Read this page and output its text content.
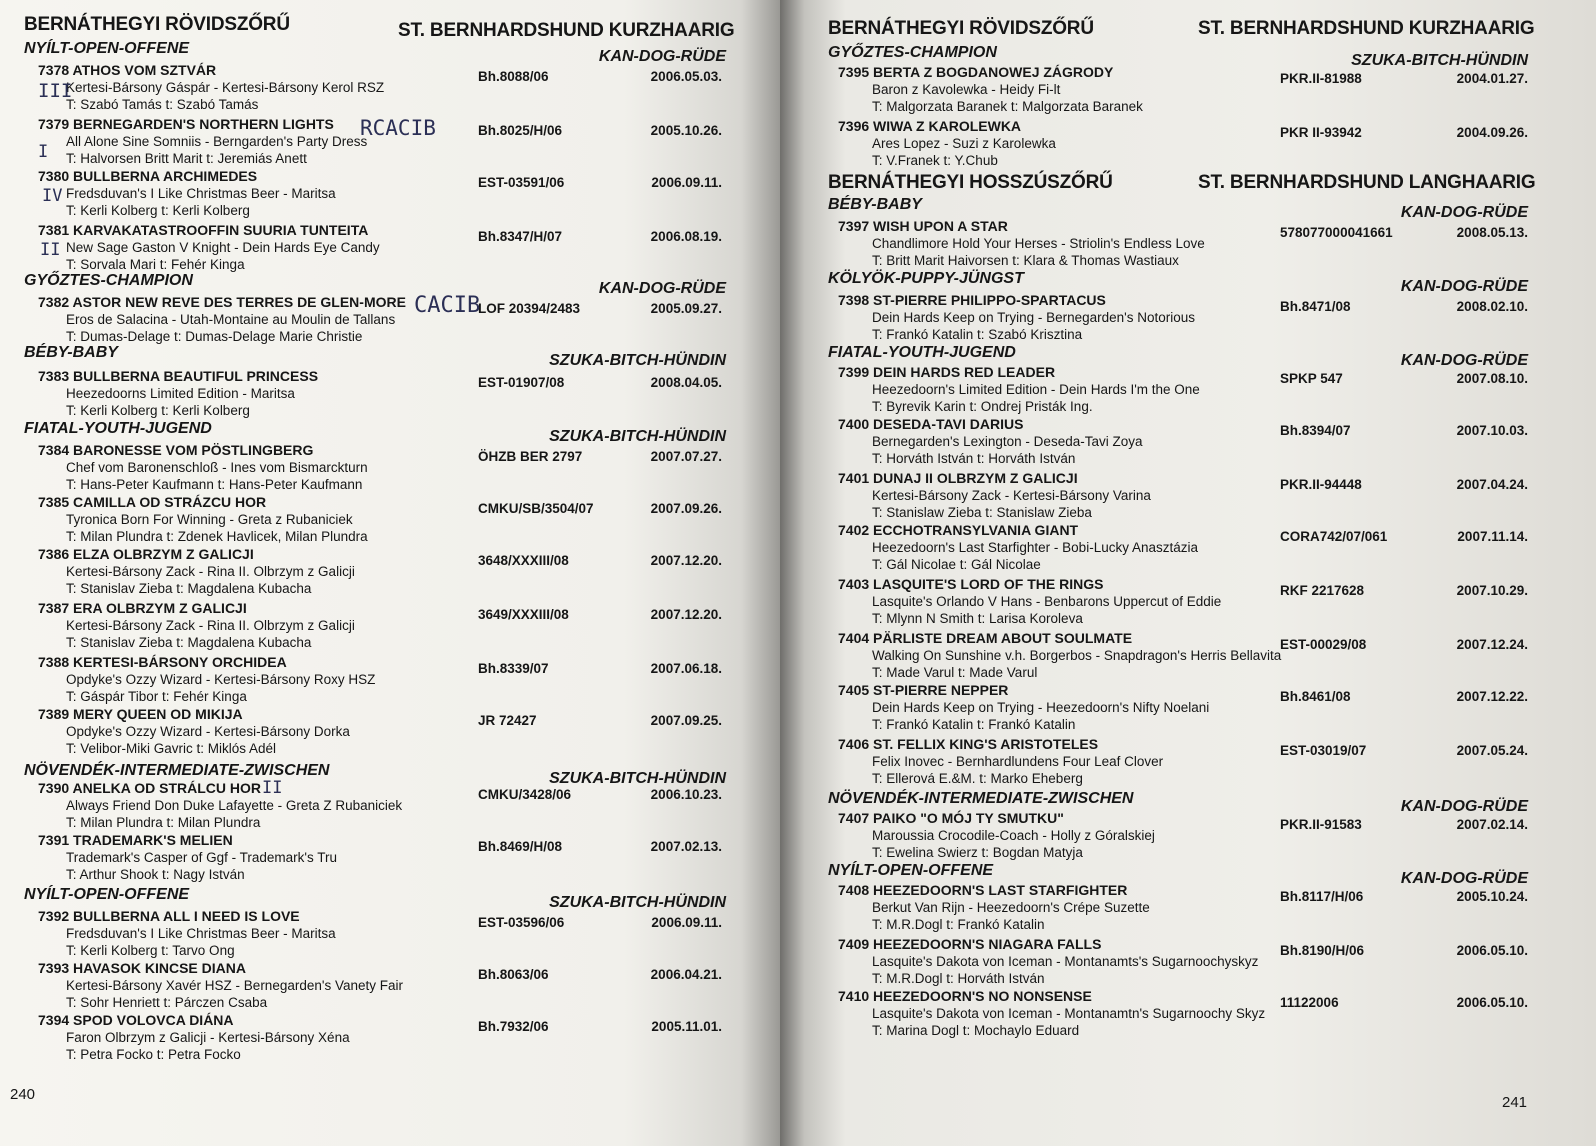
BERNÁTHEGYI RÖVIDSZŐRŰ	ST. BERNHARDSHUND KURZHAARIG
NYÍLT-OPEN-OFFENE	KAN-DOG-RÜDE
7378 ATHOS VOM SZTVÁR
Kertesi-Bársony Gáspár - Kertesi-Bársony Kerol RSZ
T: Szabó Tamás t: Szabó Tamás
Bh.8088/06	2006.05.03.
7379 BERNEGARDEN'S NORTHERN LIGHTS
All Alone Sine Somniis - Berngarden's Party Dress
T: Halvorsen Britt Marit t: Jeremiás Anett
Bh.8025/H/06	2005.10.26.
7380 BULLBERNA ARCHIMEDES
Fredsduvan's I Like Christmas Beer - Maritsa
T: Kerli Kolberg t: Kerli Kolberg
EST-03591/06	2006.09.11.
7381 KARVAKATASTROOFFIN SUURIA TUNTEITA
New Sage Gaston V Knight - Dein Hards Eye Candy
T: Sorvala Mari t: Fehér Kinga
Bh.8347/H/07	2006.08.19.
GYŐZTES-CHAMPION	KAN-DOG-RÜDE
7382 ASTOR NEW REVE DES TERRES DE GLEN-MORE
Eros de Salacina - Utah-Montaine au Moulin de Tallans
T: Dumas-Delage t: Dumas-Delage Marie Christie
LOF 20394/2483	2005.09.27.
BÉBY-BABY	SZUKA-BITCH-HÜNDIN
7383 BULLBERNA BEAUTIFUL PRINCESS
Heezedoorns Limited Edition - Maritsa
T: Kerli Kolberg t: Kerli Kolberg
EST-01907/08	2008.04.05.
FIATAL-YOUTH-JUGEND	SZUKA-BITCH-HÜNDIN
7384 BARONESSE VOM PÖSTLINGBERG
Chef vom Baronenschloß - Ines vom Bismarckturn
T: Hans-Peter Kaufmann t: Hans-Peter Kaufmann
ÖHZB BER 2797	2007.07.27.
7385 CAMILLA OD STRÁZCU HOR
Tyronica Born For Winning - Greta z Rubaniciek
T: Milan Plundra t: Zdenek Havlicek, Milan Plundra
CMKU/SB/3504/07	2007.09.26.
7386 ELZA OLBRZYM Z GALICJI
Kertesi-Bársony Zack - Rina II. Olbrzym z Galicji
T: Stanislav Zieba t: Magdalena Kubacha
3648/XXXIII/08	2007.12.20.
7387 ERA OLBRZYM Z GALICJI
Kertesi-Bársony Zack - Rina II. Olbrzym z Galicji
T: Stanislav Zieba t: Magdalena Kubacha
3649/XXXIII/08	2007.12.20.
7388 KERTESI-BÁRSONY ORCHIDEA
Opdyke's Ozzy Wizard - Kertesi-Bársony Roxy HSZ
T: Gáspár Tibor t: Fehér Kinga
Bh.8339/07	2007.06.18.
7389 MERY QUEEN OD MIKIJA
Opdyke's Ozzy Wizard - Kertesi-Bársony Dorka
T: Velibor-Miki Gavric t: Miklós Adél
JR 72427	2007.09.25.
NÖVENDÉK-INTERMEDIATE-ZWISCHEN	SZUKA-BITCH-HÜNDIN
7390 ANELKA OD STRÁLCU HOR
Always Friend Don Duke Lafayette - Greta Z Rubaniciek
T: Milan Plundra t: Milan Plundra
CMKU/3428/06	2006.10.23.
7391 TRADEMARK'S MELIEN
Trademark's Casper of Ggf - Trademark's Tru
T: Arthur Shook t: Nagy István
Bh.8469/H/08	2007.02.13.
NYÍLT-OPEN-OFFENE	SZUKA-BITCH-HÜNDIN
7392 BULLBERNA ALL I NEED IS LOVE
Fredsduvan's I Like Christmas Beer - Maritsa
T: Kerli Kolberg t: Tarvo Ong
EST-03596/06	2006.09.11.
7393 HAVASOK KINCSE DIANA
Kertesi-Bársony Xavér HSZ - Bernegarden's Vanety Fair
T: Sohr Henriett t: Párczen Csaba
Bh.8063/06	2006.04.21.
7394 SPOD VOLOVCA DIÁNA
Faron Olbrzym z Galicji - Kertesi-Bársony Xéna
T: Petra Focko t: Petra Focko
Bh.7932/06	2005.11.01.
III
RCACIB
I
IV
II
CACIB
II
240
BERNÁTHEGYI RÖVIDSZŐRŰ	ST. BERNHARDSHUND KURZHAARIG
BERNÁTHEGYI HOSSZÚSZŐRŰ	ST. BERNHARDSHUND LANGHAARIG
GYŐZTES-CHAMPION	SZUKA-BITCH-HÜNDIN
7395 BERTA Z BOGDANOWEJ ZÁGRODY
Baron z Kavolewka - Heidy Fi-lt
T: Malgorzata Baranek t: Malgorzata Baranek
PKR.II-81988	2004.01.27.
7396 WIWA Z KAROLEWKA
Ares Lopez - Suzi z Karolewka
T: V.Franek t: Y.Chub
PKR II-93942	2004.09.26.
BÉBY-BABY	KAN-DOG-RÜDE
7397 WISH UPON A STAR
Chandlimore Hold Your Herses - Striolin's Endless Love
T: Britt Marit Haivorsen t: Klara & Thomas Wastiaux
578077000041661	2008.05.13.
KÖLYÖK-PUPPY-JÜNGST	KAN-DOG-RÜDE
7398 ST-PIERRE PHILIPPO-SPARTACUS
Dein Hards Keep on Trying - Bernegarden's Notorious
T: Frankó Katalin t: Szabó Krisztina
Bh.8471/08	2008.02.10.
FIATAL-YOUTH-JUGEND	KAN-DOG-RÜDE
7399 DEIN HARDS RED LEADER
Heezedoorn's Limited Edition - Dein Hards I'm the One
T: Byrevik Karin t: Ondrej Pristák Ing.
SPKP 547	2007.08.10.
7400 DESEDA-TAVI DARIUS
Bernegarden's Lexington - Deseda-Tavi Zoya
T: Horváth István t: Horváth István
Bh.8394/07	2007.10.03.
7401 DUNAJ II OLBRZYM Z GALICJI
Kertesi-Bársony Zack - Kertesi-Bársony Varina
T: Stanislaw Zieba t: Stanislaw Zieba
PKR.II-94448	2007.04.24.
7402 ECCHOTRANSYLVANIA GIANT
Heezedoorn's Last Starfighter - Bobi-Lucky Anasztázia
T: Gál Nicolae t: Gál Nicolae
CORA742/07/061	2007.11.14.
7403 LASQUITE'S LORD OF THE RINGS
Lasquite's Orlando V Hans - Benbarons Uppercut of Eddie
T: Mlynn N Smith t: Larisa Koroleva
RKF 2217628	2007.10.29.
7404 PÄRLISTE DREAM ABOUT SOULMATE
Walking On Sunshine v.h. Borgerbos - Snapdragon's Herris Bellavita
T: Made Varul t: Made Varul
EST-00029/08	2007.12.24.
7405 ST-PIERRE NEPPER
Dein Hards Keep on Trying - Heezedoorn's Nifty Noelani
T: Frankó Katalin t: Frankó Katalin
Bh.8461/08	2007.12.22.
7406 ST. FELLIX KING'S ARISTOTELES
Felix Inovec - Bernhardlundens Four Leaf Clover
T: Ellerová E.&M. t: Marko Eheberg
EST-03019/07	2007.05.24.
NÖVENDÉK-INTERMEDIATE-ZWISCHEN	KAN-DOG-RÜDE
7407 PAIKO "O MÓJ TY SMUTKU"
Maroussia Crocodile-Coach - Holly z Góralskiej
T: Ewelina Swierz t: Bogdan Matyja
PKR.II-91583	2007.02.14.
NYÍLT-OPEN-OFFENE	KAN-DOG-RÜDE
7408 HEEZEDOORN'S LAST STARFIGHTER
Berkut Van Rijn - Heezedoorn's Crépe Suzette
T: M.R.Dogl t: Frankó Katalin
Bh.8117/H/06	2005.10.24.
7409 HEEZEDOORN'S NIAGARA FALLS
Lasquite's Dakota von Iceman - Montanamts's Sugarnoochyskyz
T: M.R.Dogl t: Horváth István
Bh.8190/H/06	2006.05.10.
7410 HEEZEDOORN'S NO NONSENSE
Lasquite's Dakota von Iceman - Montanamtn's Sugarnoochy Skyz
T: Marina Dogl t: Mochaylo Eduard
11122006	2006.05.10.
241
